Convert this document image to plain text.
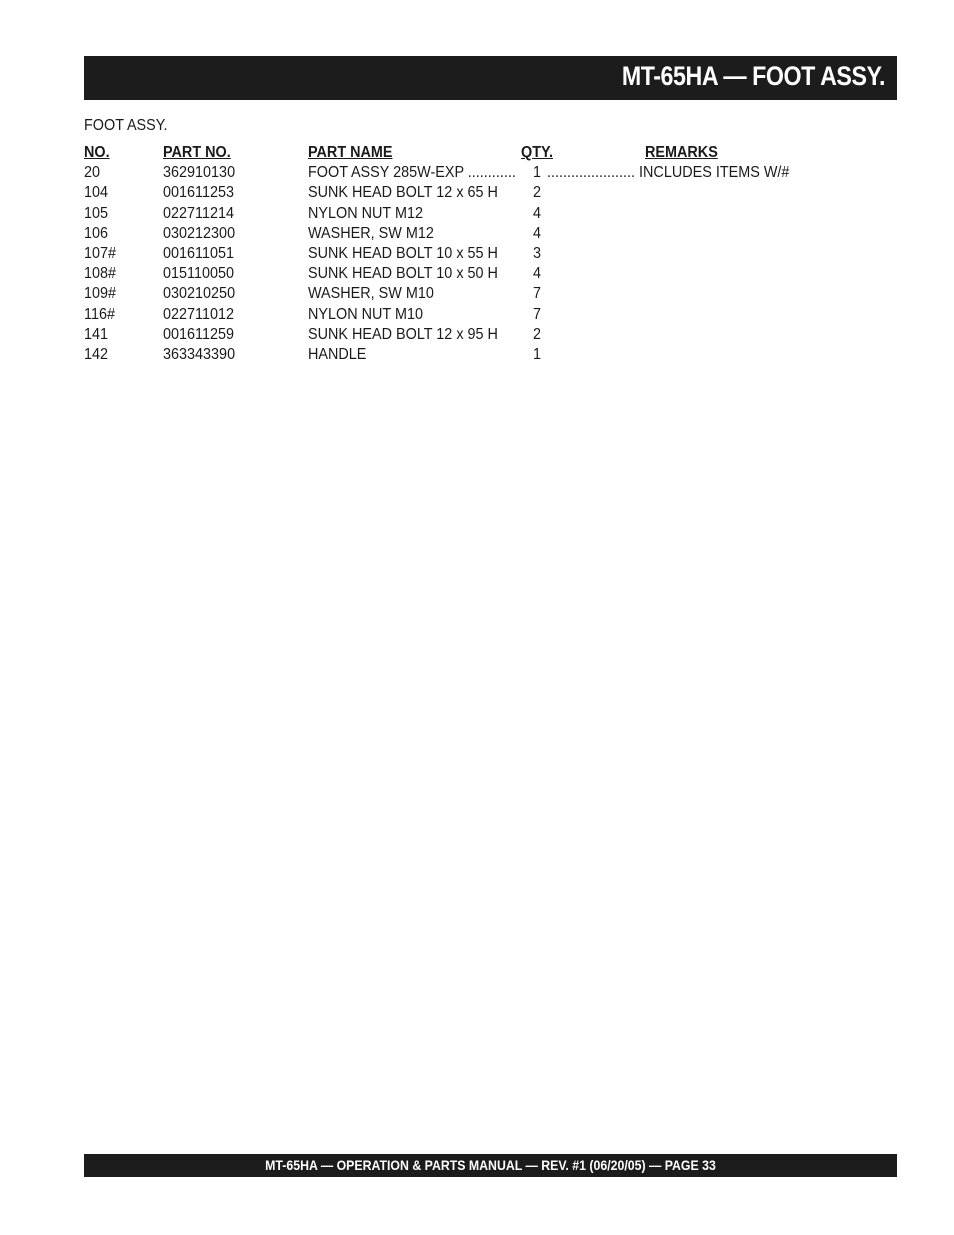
MT-65HA — FOOT ASSY.
FOOT ASSY.
NO.	PART NO.	PART NAME	QTY.	REMARKS
20	362910130	FOOT ASSY 285W-EXP ............ 1 ...................... INCLUDES ITEMS W/#
104	001611253	SUNK HEAD BOLT 12 x 65 H 2
105	022711214	NYLON NUT M12	4
106	030212300	WASHER, SW M12	4
107#	001611051	SUNK HEAD BOLT 10 x 55 H 3
108#	015110050	SUNK HEAD BOLT 10 x 50 H 4
109#	030210250	WASHER, SW M10	7
116#	022711012	NYLON NUT M10	7
141	001611259	SUNK HEAD BOLT 12 x 95 H 2
142	363343390	HANDLE	1
MT-65HA — OPERATION & PARTS MANUAL — REV. #1 (06/20/05) — PAGE 33
